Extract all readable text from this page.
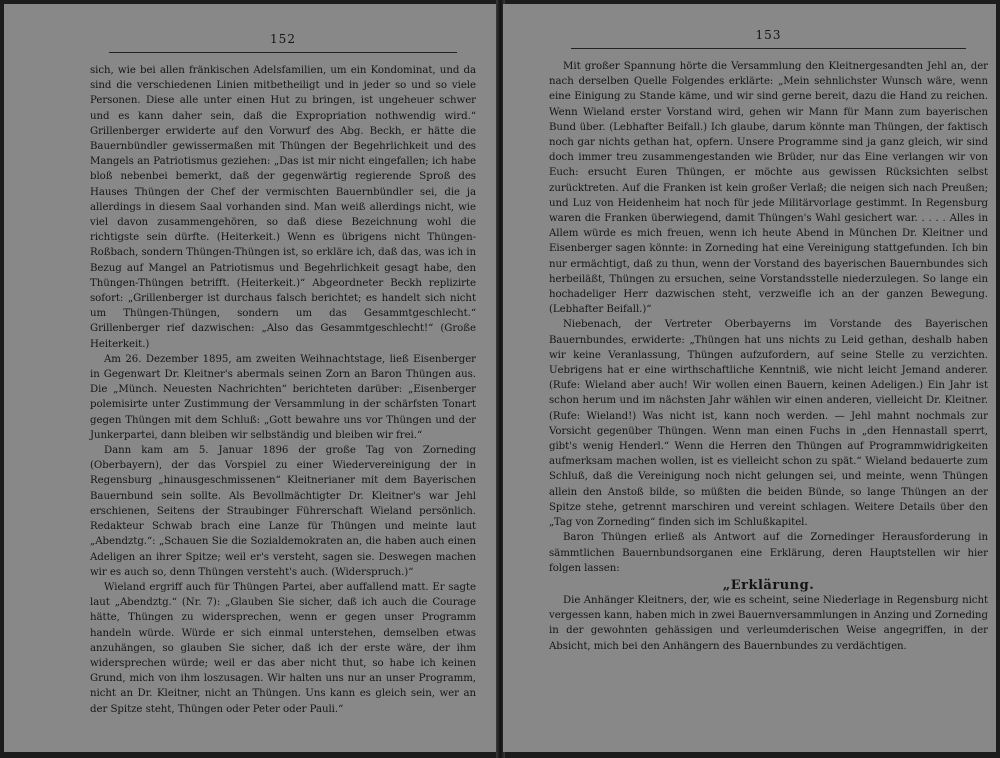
152

sich, wie bei allen fränkischen Adelsfamilien, um ein Kondominat, und da sind die verschiedenen Linien mitbetheiligt und in jeder so und so viele Personen. Diese alle unter einen Hut zu bringen, ist ungeheuer schwer und es kann daher sein, daß die Expropriation nothwendig wird.“ Grillenberger erwiderte auf den Vorwurf des Abg. Beckh, er hätte die Bauernbündler gewissermaßen mit Thüngen der Begehrlichkeit und des Mangels an Patriotismus geziehen: „Das ist mir nicht eingefallen; ich habe bloß nebenbei bemerkt, daß der gegenwärtig regierende Sproß des Hauses Thüngen der Chef der vermischten Bauernbündler sei, die ja allerdings in diesem Saal vorhanden sind. Man weiß allerdings nicht, wie viel davon zusammengehören, so daß diese Bezeichnung wohl die richtigste sein dürfte. (Heiterkeit.) Wenn es übrigens nicht Thüngen-Roßbach, sondern Thüngen-Thüngen ist, so erkläre ich, daß das, was ich in Bezug auf Mangel an Patriotismus und Begehrlichkeit gesagt habe, den Thüngen-Thüngen betrifft. (Heiterkeit.)“ Abgeordneter Beckh replizirte sofort: „Grillenberger ist durchaus falsch berichtet; es handelt sich nicht um Thüngen-Thüngen, sondern um das Gesammtgeschlecht.“ Grillenberger rief dazwischen: „Also das Gesammtgeschlecht!“ (Große Heiterkeit.)

Am 26. Dezember 1895, am zweiten Weihnachtstage, ließ Eisenberger in Gegenwart Dr. Kleitner's abermals seinen Zorn an Baron Thüngen aus. Die „Münch. Neuesten Nachrichten“ berichteten darüber: „Eisenberger polemisirte unter Zustimmung der Versammlung in der schärfsten Tonart gegen Thüngen mit dem Schluß: „Gott bewahre uns vor Thüngen und der Junkerpartei, dann bleiben wir selbständig und bleiben wir frei.“

Dann kam am 5. Januar 1896 der große Tag von Zorneding (Oberbayern), der das Vorspiel zu einer Wiedervereinigung der in Regensburg „hinausgeschmissenen“ Kleitnerianer mit dem Bayerischen Bauernbund sein sollte. Als Bevollmächtigter Dr. Kleitner's war Jehl erschienen, Seitens der Straubinger Führerschaft Wieland persönlich. Redakteur Schwab brach eine Lanze für Thüngen und meinte laut „Abendztg.“: „Schauen Sie die Sozialdemokraten an, die haben auch einen Adeligen an ihrer Spitze; weil er's versteht, sagen sie. Deswegen machen wir es auch so, denn Thüngen versteht's auch. (Widerspruch.)“

Wieland ergriff auch für Thüngen Partei, aber auffallend matt. Er sagte laut „Abendztg.“ (Nr. 7): „Glauben Sie sicher, daß ich auch die Courage hätte, Thüngen zu widersprechen, wenn er gegen unser Programm handeln würde. Würde er sich einmal unterstehen, demselben etwas anzuhängen, so glauben Sie sicher, daß ich der erste wäre, der ihm widersprechen würde; weil er das aber nicht thut, so habe ich keinen Grund, mich von ihm loszusagen. Wir halten uns nur an unser Programm, nicht an Dr. Kleitner, nicht an Thüngen. Uns kann es gleich sein, wer an der Spitze steht, Thüngen oder Peter oder Pauli.“

153

Mit großer Spannung hörte die Versammlung den Kleitnergesandten Jehl an, der nach derselben Quelle Folgendes erklärte: „Mein sehnlichster Wunsch wäre, wenn eine Einigung zu Stande käme, und wir sind gerne bereit, dazu die Hand zu reichen. Wenn Wieland erster Vorstand wird, gehen wir Mann für Mann zum bayerischen Bund über. (Lebhafter Beifall.) Ich glaube, darum könnte man Thüngen, der faktisch noch gar nichts gethan hat, opfern. Unsere Programme sind ja ganz gleich, wir sind doch immer treu zusammengestanden wie Brüder, nur das Eine verlangen wir von Euch: ersucht Euren Thüngen, er möchte aus gewissen Rücksichten selbst zurücktreten. Auf die Franken ist kein großer Verlaß; die neigen sich nach Preußen; und Luz von Heidenheim hat noch für jede Militärvorlage gestimmt. In Regensburg waren die Franken überwiegend, damit Thüngen's Wahl gesichert war. . . . . Alles in Allem würde es mich freuen, wenn ich heute Abend in München Dr. Kleitner und Eisenberger sagen könnte: in Zorneding hat eine Vereinigung stattgefunden. Ich bin nur ermächtigt, daß zu thun, wenn der Vorstand des bayerischen Bauernbundes sich herbeiläßt, Thüngen zu ersuchen, seine Vorstandsstelle niederzulegen. So lange ein hochadeliger Herr dazwischen steht, verzweifle ich an der ganzen Bewegung. (Lebhafter Beifall.)“

Niebenach, der Vertreter Oberbayerns im Vorstande des Bayerischen Bauernbundes, erwiderte: „Thüngen hat uns nichts zu Leid gethan, deshalb haben wir keine Veranlassung, Thüngen aufzufordern, auf seine Stelle zu verzichten. Uebrigens hat er eine wirthschaftliche Kenntniß, wie nicht leicht Jemand anderer. (Rufe: Wieland aber auch! Wir wollen einen Bauern, keinen Adeligen.) Ein Jahr ist schon herum und im nächsten Jahr wählen wir einen anderen, vielleicht Dr. Kleitner. (Rufe: Wieland!) Was nicht ist, kann noch werden. — Jehl mahnt nochmals zur Vorsicht gegenüber Thüngen. Wenn man einen Fuchs in „den Hennastall sperrt, gibt's wenig Henderl.“ Wenn die Herren den Thüngen auf Programmwidrigkeiten aufmerksam machen wollen, ist es vielleicht schon zu spät.“ Wieland bedauerte zum Schluß, daß die Vereinigung noch nicht gelungen sei, und meinte, wenn Thüngen allein den Anstoß bilde, so müßten die beiden Bünde, so lange Thüngen an der Spitze stehe, getrennt marschiren und vereint schlagen. Weitere Details über den „Tag von Zorneding“ finden sich im Schlußkapitel.

Baron Thüngen erließ als Antwort auf die Zornedinger Herausforderung in sämmtlichen Bauernbundsorganen eine Erklärung, deren Hauptstellen wir hier folgen lassen:

„Erklärung.

Die Anhänger Kleitners, der, wie es scheint, seine Niederlage in Regensburg nicht vergessen kann, haben mich in zwei Bauernversammlungen in Anzing und Zorneding in der gewohnten gehässigen und verleumderischen Weise angegriffen, in der Absicht, mich bei den Anhängern des Bauernbundes zu verdächtigen.
